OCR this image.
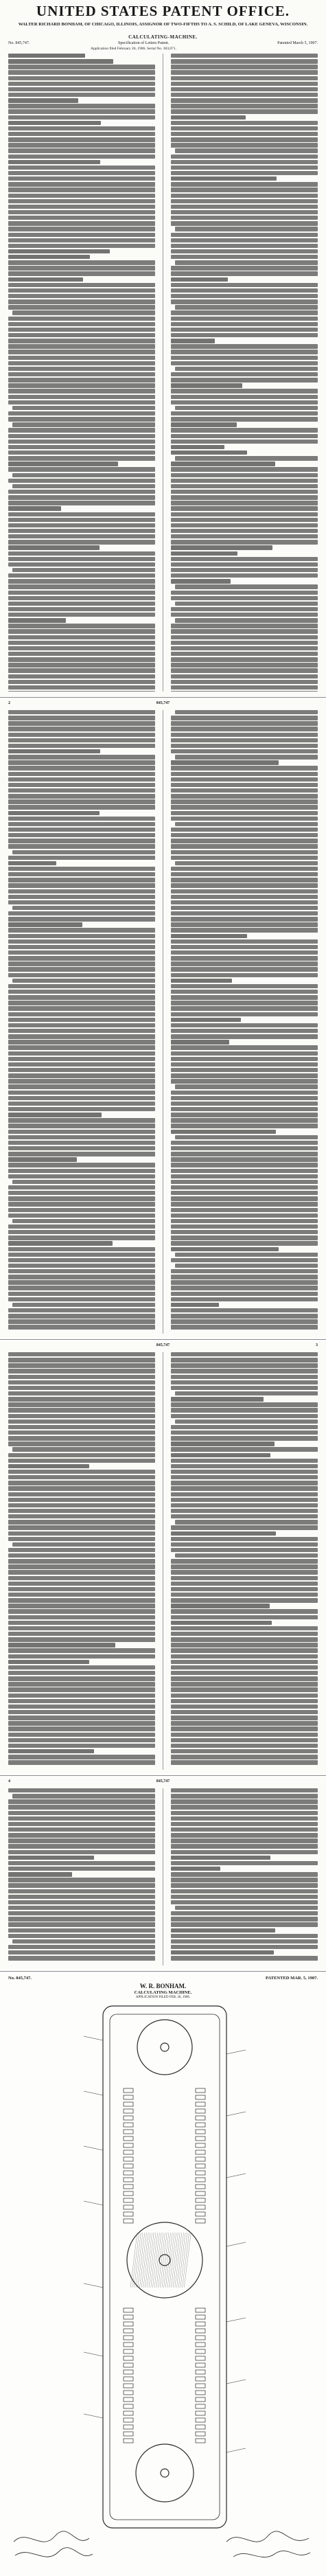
UNITED STATES PATENT OFFICE.
WALTER RICHARD BONHAM, OF CHICAGO, ILLINOIS, ASSIGNOR OF TWO-FIFTHS TO A. S. SCHILD, OF LAKE GENEVA, WISCONSIN.
CALCULATING-MACHINE.
No. 845,747.	Specification of Letters Patent.	Patented March 5, 1907.
Application filed February 26, 1906. Serial No. 303,071.
2	845,747
845,747	3
4	845,747
No. 845,747.	PATENTED MAR. 5, 1907.
W. R. BONHAM.
CALCULATING MACHINE.
APPLICATION FILED FEB. 26, 1906.
